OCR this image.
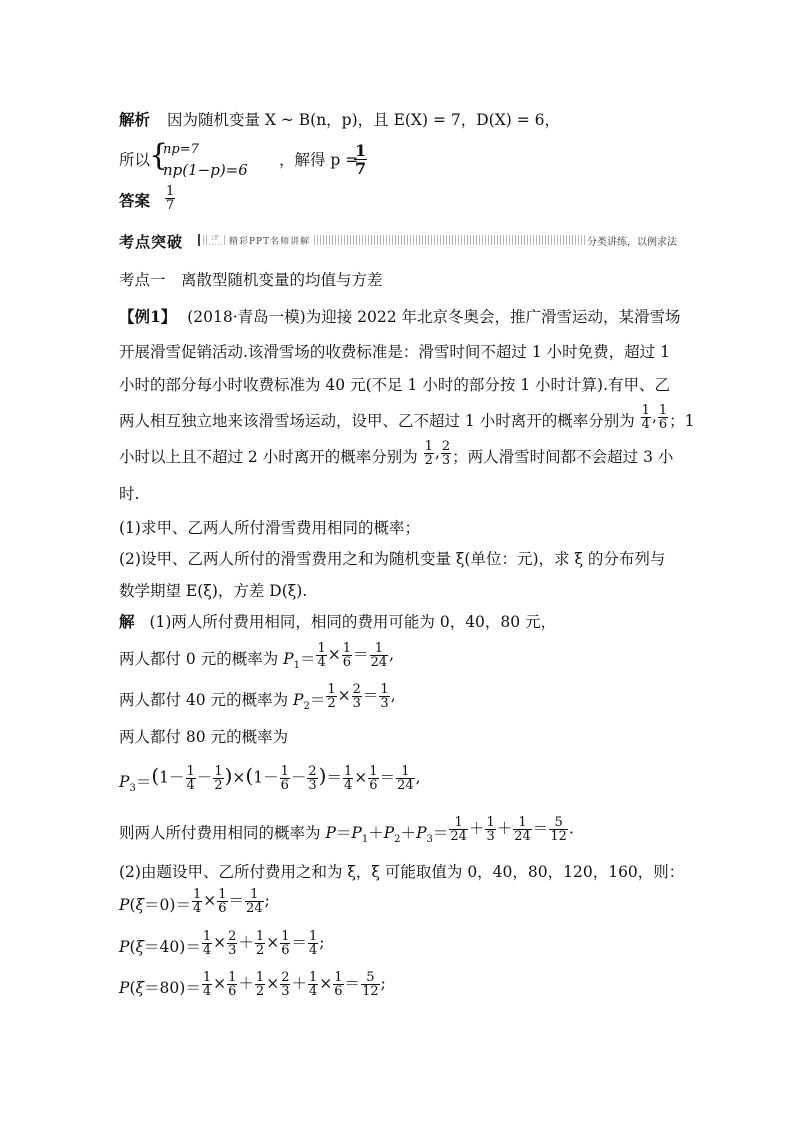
解析 因为随机变量 X ~ B(n，p)，且 E(X) = 7，D(X) = 6，
所以
{
np=7
np(1−p)=6
，解得 p =
$\frac{1}{7}$
答案 $\frac{1}{7}$
考点突破	☞ 精彩PPT名师讲解	分类讲练，以例求法
考点一　离散型随机变量的均值与方差
【例1】 (2018·青岛一模)为迎接 2022 年北京冬奥会，推广滑雪运动，某滑雪场
开展滑雪促销活动.该滑雪场的收费标准是：滑雪时间不超过 1 小时免费，超过 1
小时的部分每小时收费标准为 40 元(不足 1 小时的部分按 1 小时计算).有甲、乙
两人相互独立地来该滑雪场运动，设甲、乙不超过 1 小时离开的概率分别为 $\frac{1}{4}$ , $\frac{1}{6}$ ；1
小时以上且不超过 2 小时离开的概率分别为 $\frac{1}{2}$ , $\frac{2}{3}$ ；两人滑雪时间都不会超过 3 小
时.
(1)求甲、乙两人所付滑雪费用相同的概率；
(2)设甲、乙两人所付的滑雪费用之和为随机变量 ξ(单位：元)，求 ξ 的分布列与
数学期望 E(ξ)，方差 D(ξ).
解 (1)两人所付费用相同，相同的费用可能为 0，40，80 元，
两人都付 0 元的概率为 $P_1= \frac{1}{4} \times \frac{1}{6} = \frac{1}{24}$ ,
两人都付 40 元的概率为 $P_2= \frac{1}{2} \times \frac{2}{3} = \frac{1}{3}$ ,
两人都付 80 元的概率为
$P_3=(1- \frac{1}{4} - \frac{1}{2} )\times(1- \frac{1}{6} - \frac{2}{3}$ )＝ $\frac{1}{4} \times \frac{1}{6} = \frac{1}{24}$ ,
则两人所付费用相同的概率为 $P=P_1+P_2+P_3= \frac{1}{24} + \frac{1}{3} + \frac{1}{24} = \frac{5}{12}$ .
(2)由题设甲、乙所付费用之和为 ξ，ξ 可能取值为 0，40，80，120，160，则：
$P(\xi=0)= \frac{1}{4} \times \frac{1}{6} = \frac{1}{24}$ ;
$P(\xi=40)= \frac{1}{4} \times \frac{2}{3} + \frac{1}{2} \times \frac{1}{6} = \frac{1}{4}$ ;
$P(\xi=80)= \frac{1}{4} \times \frac{1}{6} + \frac{1}{2} \times \frac{2}{3} + \frac{1}{4} \times \frac{1}{6} = \frac{5}{12}$ ;
